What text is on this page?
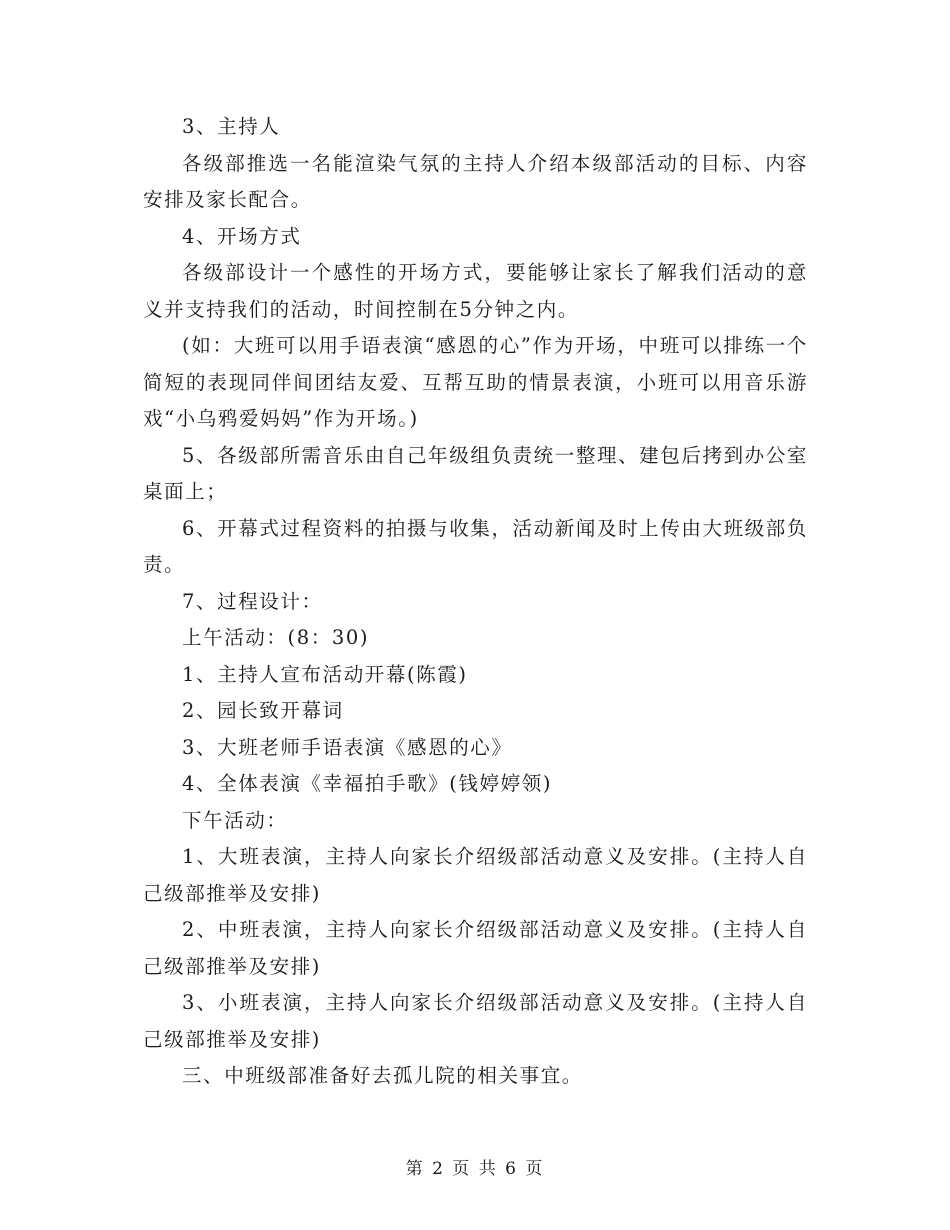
3、主持人

各级部推选一名能渲染气氛的主持人介绍本级部活动的目标、内容安排及家长配合。

4、开场方式

各级部设计一个感性的开场方式，要能够让家长了解我们活动的意义并支持我们的活动，时间控制在5分钟之内。

(如：大班可以用手语表演“感恩的心”作为开场，中班可以排练一个简短的表现同伴间团结友爱、互帮互助的情景表演，小班可以用音乐游戏“小乌鸦爱妈妈”作为开场。)

5、各级部所需音乐由自己年级组负责统一整理、建包后拷到办公室桌面上；

6、开幕式过程资料的拍摄与收集，活动新闻及时上传由大班级部负责。

7、过程设计：

上午活动：(8：30)

1、主持人宣布活动开幕(陈霞)

2、园长致开幕词

3、大班老师手语表演《感恩的心》

4、全体表演《幸福拍手歌》(钱婷婷领)

下午活动：

1、大班表演，主持人向家长介绍级部活动意义及安排。(主持人自己级部推举及安排)

2、中班表演，主持人向家长介绍级部活动意义及安排。(主持人自己级部推举及安排)

3、小班表演，主持人向家长介绍级部活动意义及安排。(主持人自己级部推举及安排)

三、中班级部准备好去孤儿院的相关事宜。

第 2 页 共 6 页
